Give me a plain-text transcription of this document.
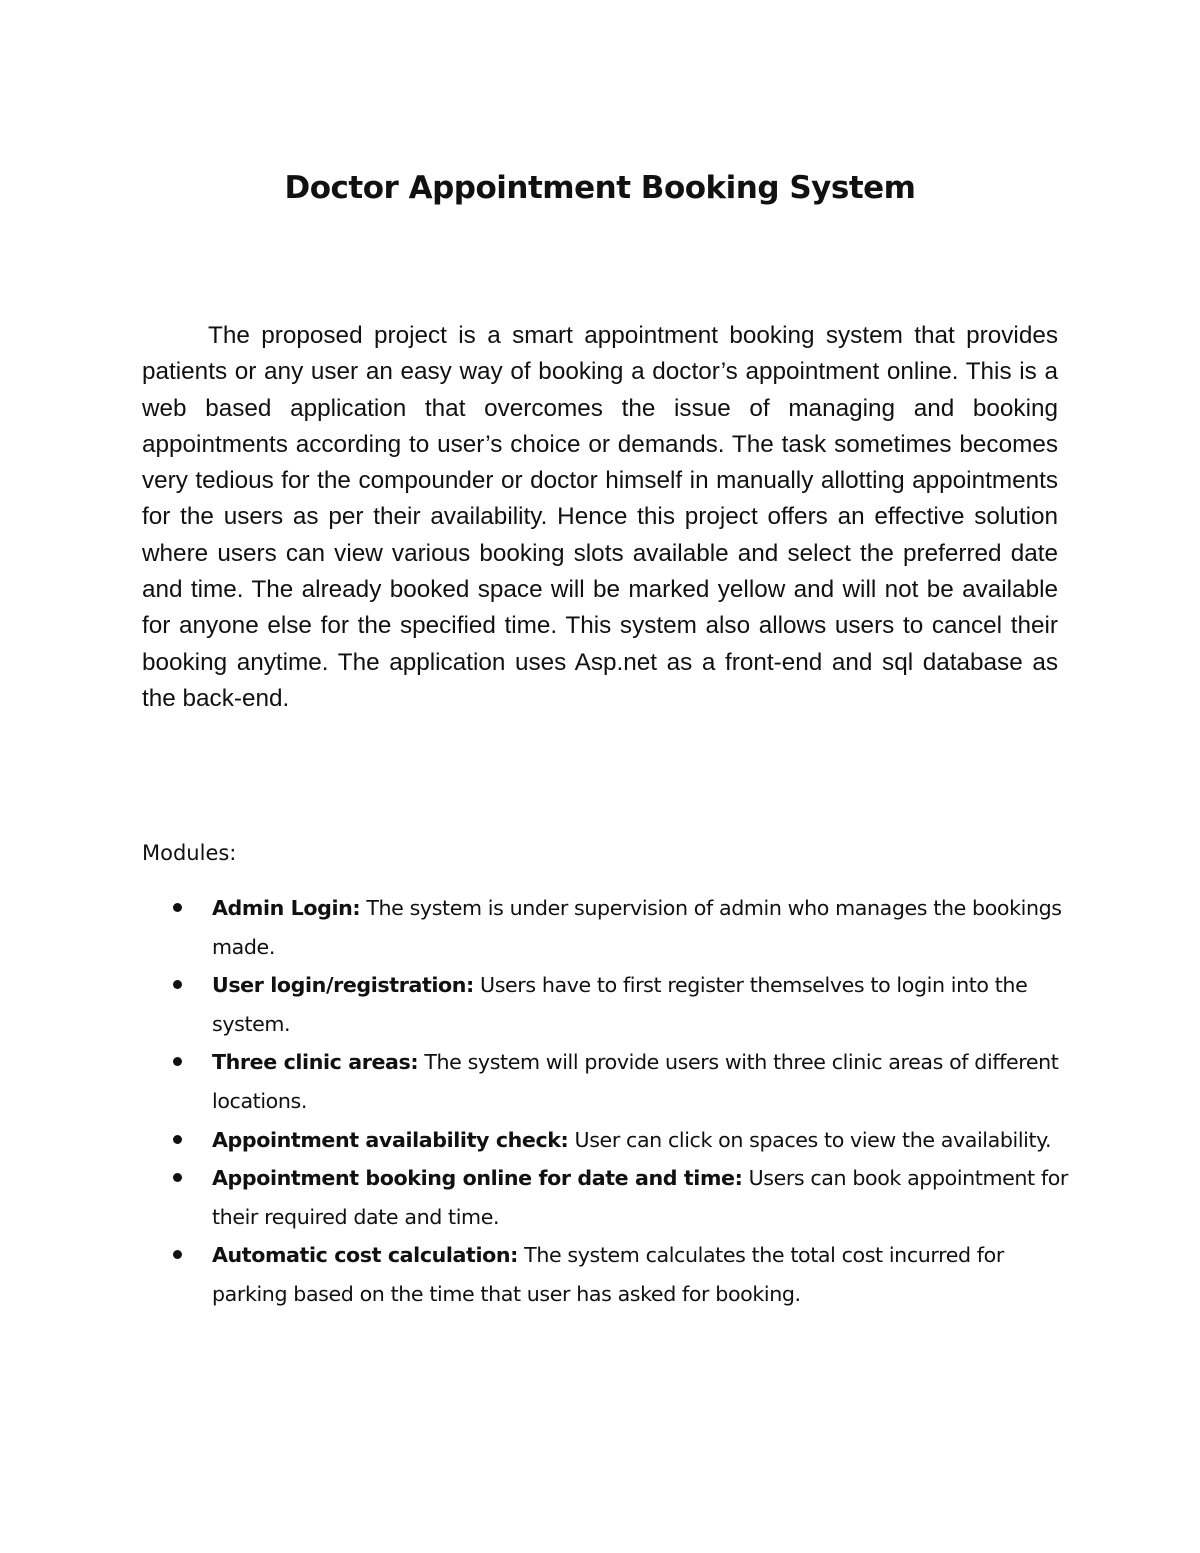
Doctor Appointment Booking System

The proposed project is a smart appointment booking system that provides patients or any user an easy way of booking a doctor’s appointment online. This is a web based application that overcomes the issue of managing and booking appointments according to user’s choice or demands. The task sometimes becomes very tedious for the compounder or doctor himself in manually allotting appointments for the users as per their availability. Hence this project offers an effective solution where users can view various booking slots available and select the preferred date and time. The already booked space will be marked yellow and will not be available for anyone else for the specified time. This system also allows users to cancel their booking anytime. The application uses Asp.net as a front-end and sql database as the back-end.

Modules:

Admin Login: The system is under supervision of admin who manages the bookings made.
User login/registration: Users have to first register themselves to login into the system.
Three clinic areas: The system will provide users with three clinic areas of different locations.
Appointment availability check: User can click on spaces to view the availability.
Appointment booking online for date and time: Users can book appointment for their required date and time.
Automatic cost calculation: The system calculates the total cost incurred for parking based on the time that user has asked for booking.
